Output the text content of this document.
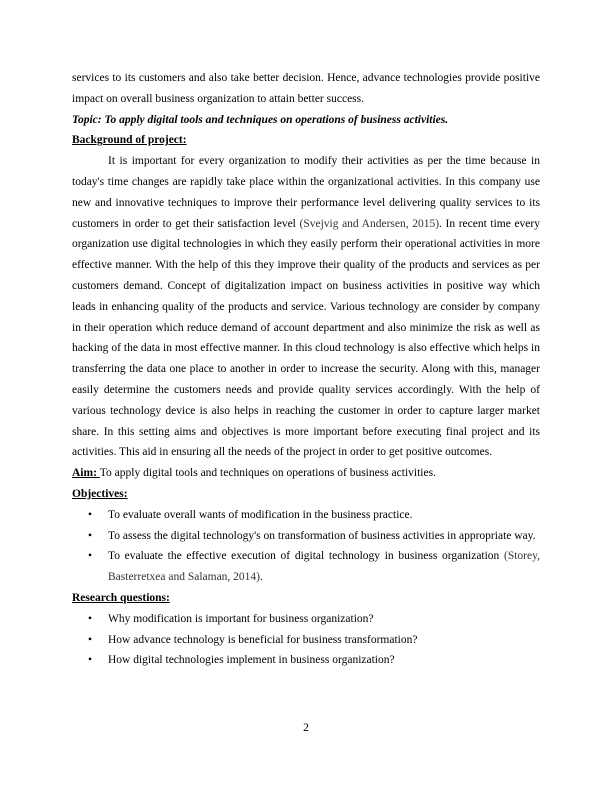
services to its customers and also take better decision. Hence, advance technologies provide positive impact on overall business organization to attain better success.

Topic: To apply digital tools and techniques on operations of business activities.

Background of project:

It is important for every organization to modify their activities as per the time because in today's time changes are rapidly take place within the organizational activities. In this company use new and innovative techniques to improve their performance level delivering quality services to its customers in order to get their satisfaction level (Svejvig and Andersen, 2015). In recent time every organization use digital technologies in which they easily perform their operational activities in more effective manner. With the help of this they improve their quality of the products and services as per customers demand. Concept of digitalization impact on business activities in positive way which leads in enhancing quality of the products and service. Various technology are consider by company in their operation which reduce demand of account department and also minimize the risk as well as hacking of the data in most effective manner. In this cloud technology is also effective which helps in transferring the data one place to another in order to increase the security. Along with this, manager easily determine the customers needs and provide quality services accordingly. With the help of various technology device is also helps in reaching the customer in order to capture larger market share. In this setting aims and objectives is more important before executing final project and its activities. This aid in ensuring all the needs of the project in order to get positive outcomes.

Aim: To apply digital tools and techniques on operations of business activities.

Objectives:

• To evaluate overall wants of modification in the business practice.
• To assess the digital technology's on transformation of business activities in appropriate way.
• To evaluate the effective execution of digital technology in business organization (Storey, Basterretxea and Salaman, 2014).

Research questions:

• Why modification is important for business organization?
• How advance technology is beneficial for business transformation?
• How digital technologies implement in business organization?
2
